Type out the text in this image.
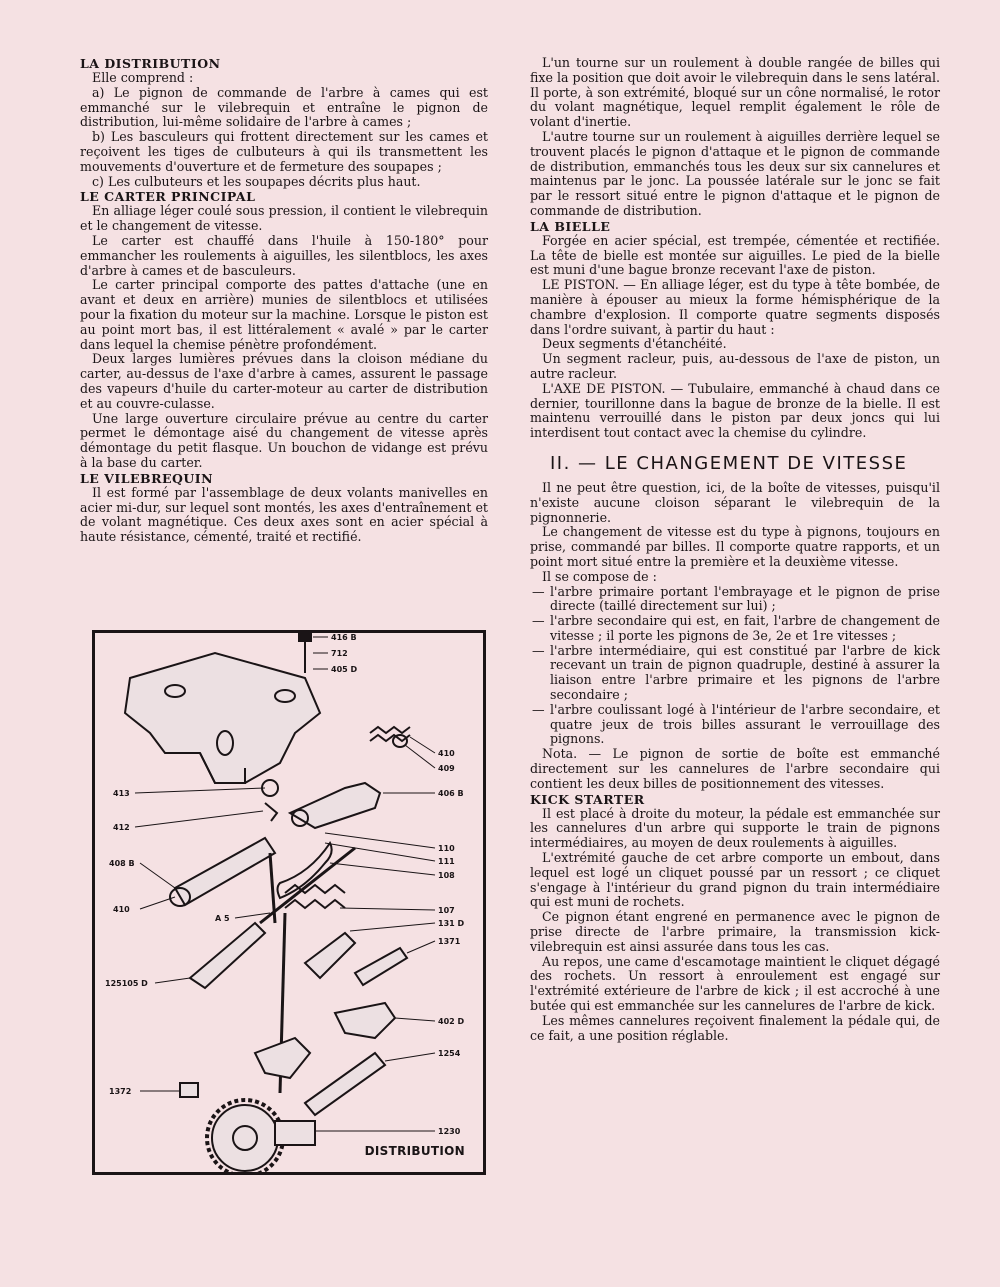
LA DISTRIBUTION

Elle comprend :

a) Le pignon de commande de l'arbre à cames qui est emmanché sur le vilebrequin et entraîne le pignon de distribution, lui-même solidaire de l'arbre à cames ;

b) Les basculeurs qui frottent directement sur les cames et reçoivent les tiges de culbuteurs à qui ils transmettent les mouvements d'ouverture et de fermeture des soupapes ;

c) Les culbuteurs et les soupapes décrits plus haut.

LE CARTER PRINCIPAL

En alliage léger coulé sous pression, il contient le vilebrequin et le changement de vitesse.

Le carter est chauffé dans l'huile à 150-180° pour emmancher les roulements à aiguilles, les silentblocs, les axes d'arbre à cames et de basculeurs.

Le carter principal comporte des pattes d'attache (une en avant et deux en arrière) munies de silentblocs et utilisées pour la fixation du moteur sur la machine. Lorsque le piston est au point mort bas, il est littéralement « avalé » par le carter dans lequel la chemise pénètre profondément.

Deux larges lumières prévues dans la cloison médiane du carter, au-dessus de l'axe d'arbre à cames, assurent le passage des vapeurs d'huile du carter-moteur au carter de distribution et au couvre-culasse.

Une large ouverture circulaire prévue au centre du carter permet le démontage aisé du changement de vitesse après démontage du petit flasque. Un bouchon de vidange est prévu à la base du carter.

LE VILEBREQUIN

Il est formé par l'assemblage de deux volants manivelles en acier mi-dur, sur lequel sont montés, les axes d'entraînement et de volant magnétique. Ces deux axes sont en acier spécial à haute résistance, cémenté, traité et rectifié.

416 B
712
405 D
410
409
413	406 B
412
110
111
108
408 B
410
A 5
107
131 D
1371
125105 D
402 D
1254
1372
1230
DISTRIBUTION

L'un tourne sur un roulement à double rangée de billes qui fixe la position que doit avoir le vilebrequin dans le sens latéral. Il porte, à son extrémité, bloqué sur un cône normalisé, le rotor du volant magnétique, lequel remplit également le rôle de volant d'inertie.

L'autre tourne sur un roulement à aiguilles derrière lequel se trouvent placés le pignon d'attaque et le pignon de commande de distribution, emmanchés tous les deux sur six cannelures et maintenus par le jonc. La poussée latérale sur le jonc se fait par le ressort situé entre le pignon d'attaque et le pignon de commande de distribution.

LA BIELLE

Forgée en acier spécial, est trempée, cémentée et rectifiée. La tête de bielle est montée sur aiguilles. Le pied de la bielle est muni d'une bague bronze recevant l'axe de piston.

LE PISTON. — En alliage léger, est du type à tête bombée, de manière à épouser au mieux la forme hémisphérique de la chambre d'explosion. Il comporte quatre segments disposés dans l'ordre suivant, à partir du haut :

Deux segments d'étanchéité.

Un segment racleur, puis, au-dessous de l'axe de piston, un autre racleur.

L'AXE DE PISTON. — Tubulaire, emmanché à chaud dans ce dernier, tourillonne dans la bague de bronze de la bielle. Il est maintenu verrouillé dans le piston par deux joncs qui lui interdisent tout contact avec la chemise du cylindre.

II. — LE CHANGEMENT DE VITESSE

Il ne peut être question, ici, de la boîte de vitesses, puisqu'il n'existe aucune cloison séparant le vilebrequin de la pignonnerie.

Le changement de vitesse est du type à pignons, toujours en prise, commandé par billes. Il comporte quatre rapports, et un point mort situé entre la première et la deuxième vitesse.

Il se compose de :

— l'arbre primaire portant l'embrayage et le pignon de prise directe (taillé directement sur lui) ;
— l'arbre secondaire qui est, en fait, l'arbre de changement de vitesse ; il porte les pignons de 3e, 2e et 1re vitesses ;
— l'arbre intermédiaire, qui est constitué par l'arbre de kick recevant un train de pignon quadruple, destiné à assurer la liaison entre l'arbre primaire et les pignons de l'arbre secondaire ;
— l'arbre coulissant logé à l'intérieur de l'arbre secondaire, et quatre jeux de trois billes assurant le verrouillage des pignons.

Nota. — Le pignon de sortie de boîte est emmanché directement sur les cannelures de l'arbre secondaire qui contient les deux billes de positionnement des vitesses.

KICK STARTER

Il est placé à droite du moteur, la pédale est emmanchée sur les cannelures d'un arbre qui supporte le train de pignons intermédiaires, au moyen de deux roulements à aiguilles.

L'extrémité gauche de cet arbre comporte un embout, dans lequel est logé un cliquet poussé par un ressort ; ce cliquet s'engage à l'intérieur du grand pignon du train intermédiaire qui est muni de rochets.

Ce pignon étant engrené en permanence avec le pignon de prise directe de l'arbre primaire, la transmission kick-vilebrequin est ainsi assurée dans tous les cas.

Au repos, une came d'escamotage maintient le cliquet dégagé des rochets. Un ressort à enroulement est engagé sur l'extrémité extérieure de l'arbre de kick ; il est accroché à une butée qui est emmanchée sur les cannelures de l'arbre de kick.

Les mêmes cannelures reçoivent finalement la pédale qui, de ce fait, a une position réglable.
